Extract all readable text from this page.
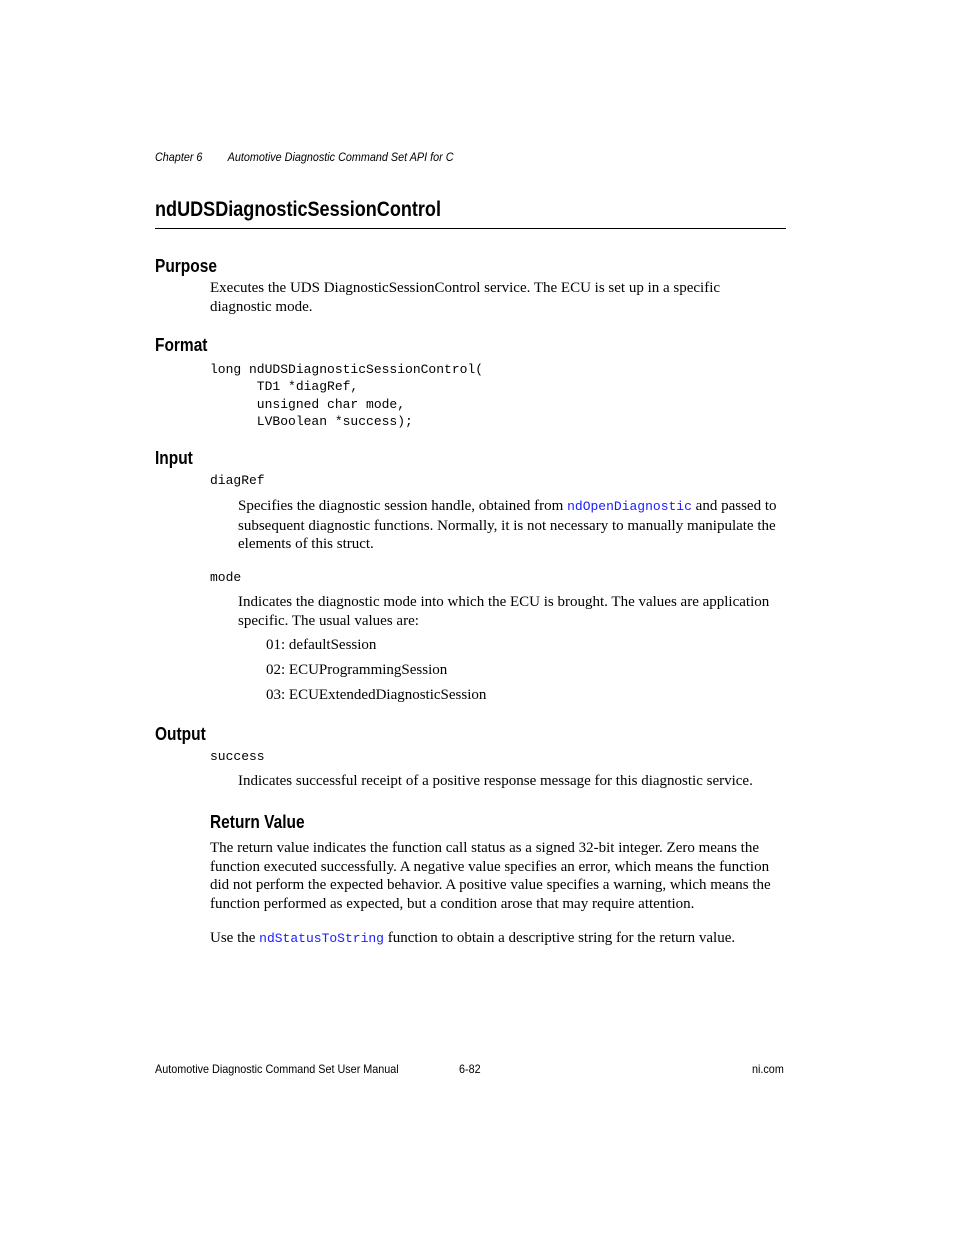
Chapter 6 Automotive Diagnostic Command Set API for C
ndUDSDiagnosticSessionControl
Purpose
Executes the UDS DiagnosticSessionControl service. The ECU is set up in a specific diagnostic mode.
Format
long ndUDSDiagnosticSessionControl(
TD1 *diagRef,
unsigned char mode,
LVBoolean *success);
Input
diagRef
Specifies the diagnostic session handle, obtained from ndOpenDiagnostic and passed to subsequent diagnostic functions. Normally, it is not necessary to manually manipulate the elements of this struct.
mode
Indicates the diagnostic mode into which the ECU is brought. The values are application specific. The usual values are:
01: defaultSession
02: ECUProgrammingSession
03: ECUExtendedDiagnosticSession
Output
success
Indicates successful receipt of a positive response message for this diagnostic service.
Return Value
The return value indicates the function call status as a signed 32-bit integer. Zero means the function executed successfully. A negative value specifies an error, which means the function did not perform the expected behavior. A positive value specifies a warning, which means the function performed as expected, but a condition arose that may require attention.
Use the ndStatusToString function to obtain a descriptive string for the return value.
Automotive Diagnostic Command Set User Manual	6-82	ni.com
